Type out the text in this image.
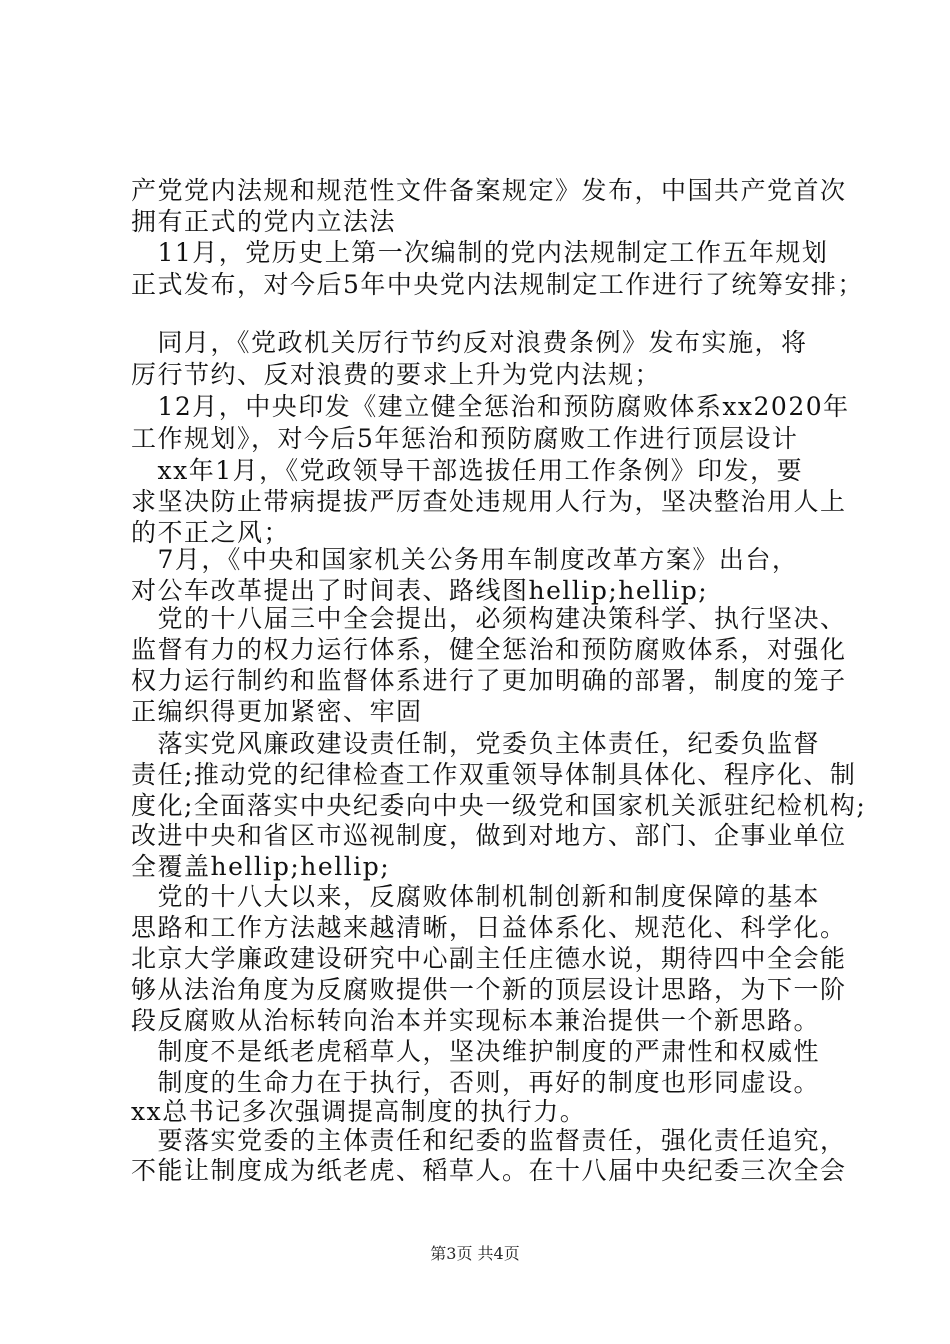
产党党内法规和规范性文件备案规定》发布，中国共产党首次
拥有正式的党内立法法
　11月，党历史上第一次编制的党内法规制定工作五年规划
正式发布，对今后5年中央党内法规制定工作进行了统筹安排；
　同月，《党政机关厉行节约反对浪费条例》发布实施，将
厉行节约、反对浪费的要求上升为党内法规；
　12月，中央印发《建立健全惩治和预防腐败体系xx2020年
工作规划》，对今后5年惩治和预防腐败工作进行顶层设计
　xx年1月，《党政领导干部选拔任用工作条例》印发，要
求坚决防止带病提拔严厉查处违规用人行为，坚决整治用人上
的不正之风；
　7月，《中央和国家机关公务用车制度改革方案》出台，
对公车改革提出了时间表、路线图hellip;hellip;
　党的十八届三中全会提出，必须构建决策科学、执行坚决、
监督有力的权力运行体系，健全惩治和预防腐败体系，对强化
权力运行制约和监督体系进行了更加明确的部署，制度的笼子
正编织得更加紧密、牢固
　落实党风廉政建设责任制，党委负主体责任，纪委负监督
责任;推动党的纪律检查工作双重领导体制具体化、程序化、制
度化;全面落实中央纪委向中央一级党和国家机关派驻纪检机构;
改进中央和省区市巡视制度，做到对地方、部门、企事业单位
全覆盖hellip;hellip;
　党的十八大以来，反腐败体制机制创新和制度保障的基本
思路和工作方法越来越清晰，日益体系化、规范化、科学化。
北京大学廉政建设研究中心副主任庄德水说，期待四中全会能
够从法治角度为反腐败提供一个新的顶层设计思路，为下一阶
段反腐败从治标转向治本并实现标本兼治提供一个新思路。
　制度不是纸老虎稻草人，坚决维护制度的严肃性和权威性
　制度的生命力在于执行，否则，再好的制度也形同虚设。
xx总书记多次强调提高制度的执行力。
　要落实党委的主体责任和纪委的监督责任，强化责任追究，
不能让制度成为纸老虎、稻草人。在十八届中央纪委三次全会
第3页 共4页
